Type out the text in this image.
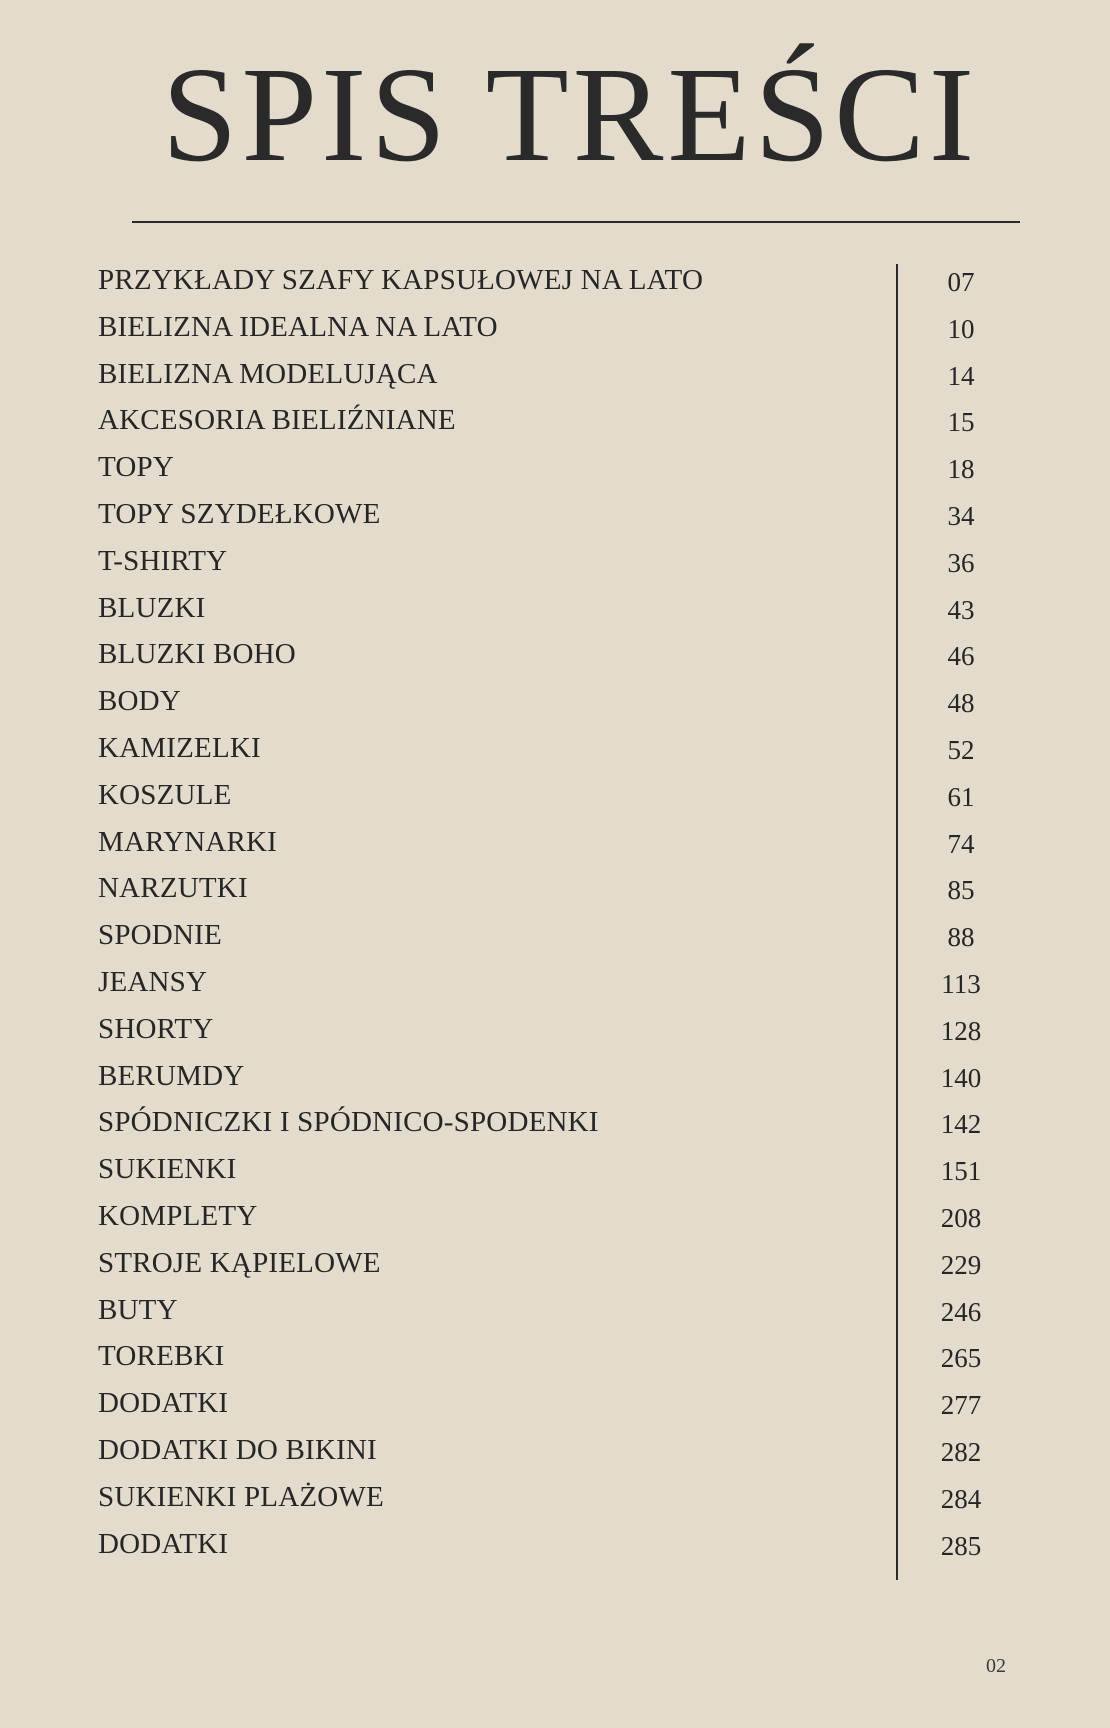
SPIS TREŚCI
PRZYKŁADY SZAFY KAPSUŁOWEJ NA LATO	07
BIELIZNA IDEALNA NA LATO	10
BIELIZNA MODELUJĄCA	14
AKCESORIA BIELIŹNIANE	15
TOPY	18
TOPY SZYDEŁKOWE	34
T-SHIRTY	36
BLUZKI	43
BLUZKI BOHO	46
BODY	48
KAMIZELKI	52
KOSZULE	61
MARYNARKI	74
NARZUTKI	85
SPODNIE	88
JEANSY	113
SHORTY	128
BERUMDY	140
SPÓDNICZKI I SPÓDNICO-SPODENKI	142
SUKIENKI	151
KOMPLETY	208
STROJE KĄPIELOWE	229
BUTY	246
TOREBKI	265
DODATKI	277
DODATKI DO BIKINI	282
SUKIENKI PLAŻOWE	284
DODATKI	285
02
